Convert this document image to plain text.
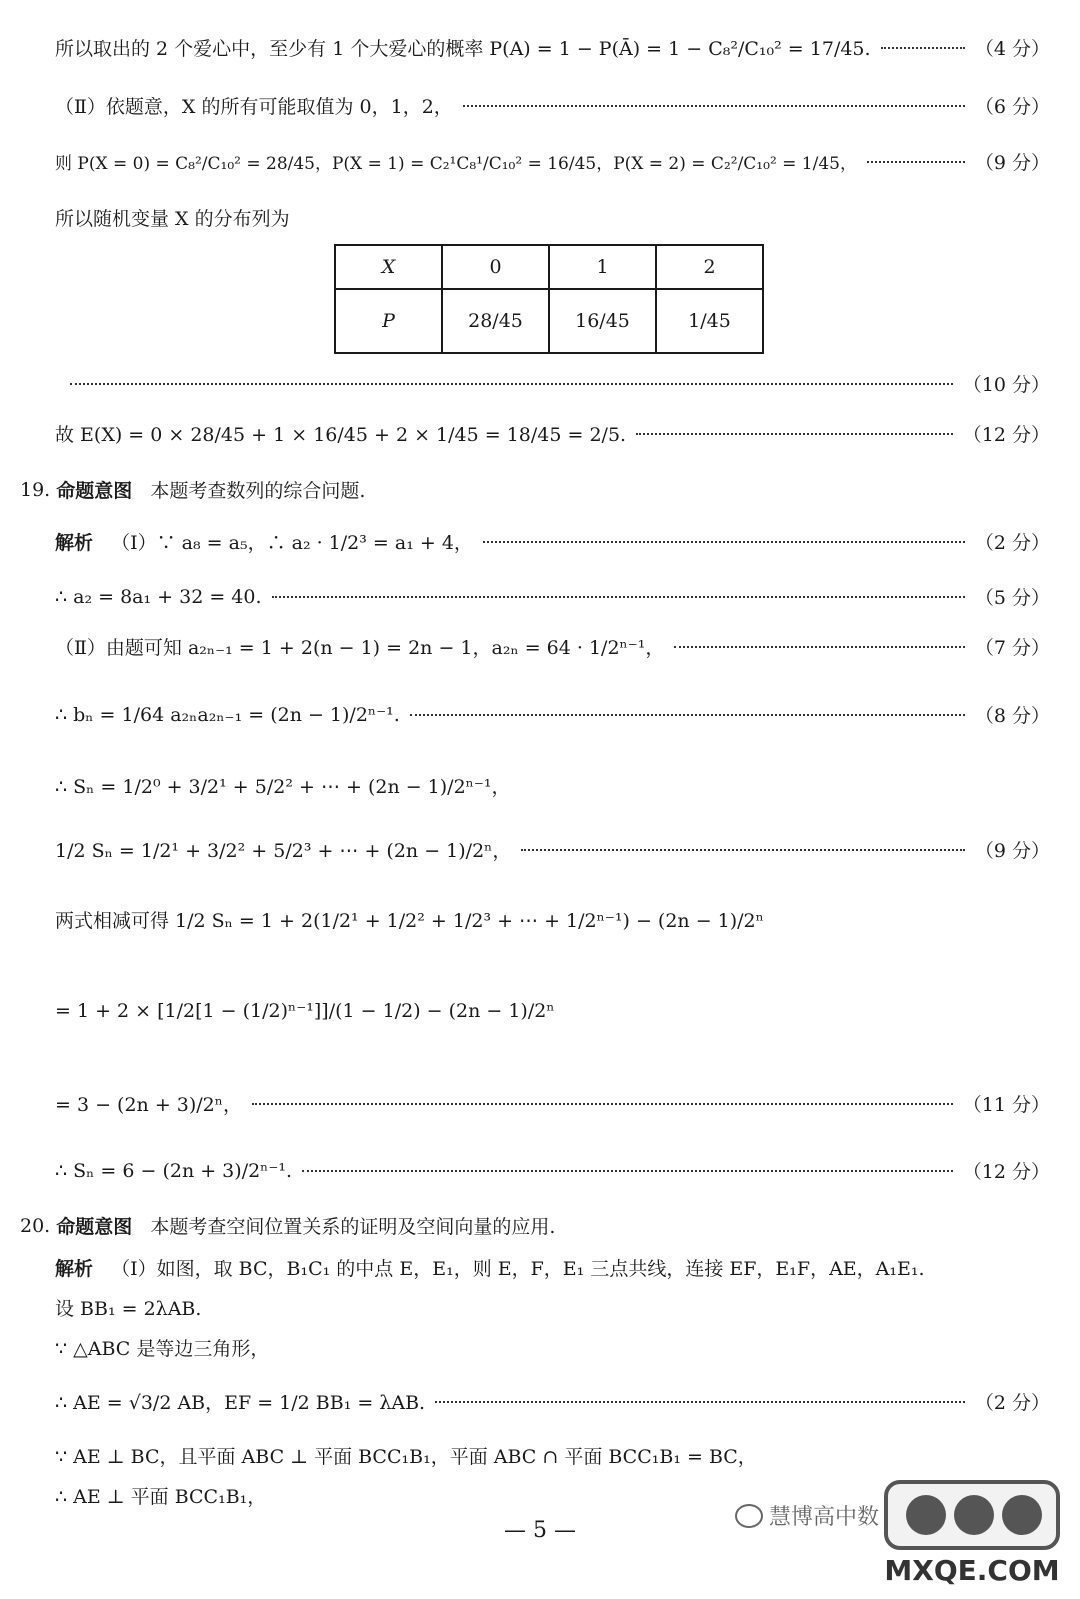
所以取出的 2 个爱心中，至少有 1 个大爱心的概率 P(A) = 1 − P(Ā) = 1 − C₈²/C₁₀² = 17/45.	（4 分）
（Ⅱ）依题意，X 的所有可能取值为 0，1，2，	（6 分）
则 P(X = 0) = C₈²/C₁₀² = 28/45，P(X = 1) = C₂¹C₈¹/C₁₀² = 16/45，P(X = 2) = C₂²/C₁₀² = 1/45，	（9 分）
所以随机变量 X 的分布列为
X	0	1	2
P	28/45	16/45	1/45
（10 分）
故 E(X) = 0 × 28/45 + 1 × 16/45 + 2 × 1/45 = 18/45 = 2/5.	（12 分）
19.
命题意图
本题考查数列的综合问题.
解析
（Ⅰ）∵ a₈ = a₅，∴ a₂ · 1/2³ = a₁ + 4，	（2 分）
∴ a₂ = 8a₁ + 32 = 40.	（5 分）
（Ⅱ）由题可知 a₂ₙ₋₁ = 1 + 2(n − 1) = 2n − 1，a₂ₙ = 64 · 1/2ⁿ⁻¹，	（7 分）
∴ bₙ = 1/64 a₂ₙa₂ₙ₋₁ = (2n − 1)/2ⁿ⁻¹.	（8 分）
∴ Sₙ = 1/2⁰ + 3/2¹ + 5/2² + ⋯ + (2n − 1)/2ⁿ⁻¹，
1/2 Sₙ = 1/2¹ + 3/2² + 5/2³ + ⋯ + (2n − 1)/2ⁿ，	（9 分）
两式相减可得 1/2 Sₙ = 1 + 2(1/2¹ + 1/2² + 1/2³ + ⋯ + 1/2ⁿ⁻¹) − (2n − 1)/2ⁿ
= 1 + 2 × [1/2[1 − (1/2)ⁿ⁻¹]]/(1 − 1/2) − (2n − 1)/2ⁿ
= 3 − (2n + 3)/2ⁿ，	（11 分）
∴ Sₙ = 6 − (2n + 3)/2ⁿ⁻¹.	（12 分）
20.
命题意图
本题考查空间位置关系的证明及空间向量的应用.
解析
（Ⅰ）如图，取 BC，B₁C₁ 的中点 E，E₁，则 E，F，E₁ 三点共线，连接 EF，E₁F，AE，A₁E₁.
设 BB₁ = 2λAB.
∵ △ABC 是等边三角形，
∴ AE = √3/2 AB，EF = 1/2 BB₁ = λAB.	（2 分）
∵ AE ⊥ BC，且平面 ABC ⊥ 平面 BCC₁B₁，平面 ABC ∩ 平面 BCC₁B₁ = BC，
∴ AE ⊥ 平面 BCC₁B₁，
— 5 —
慧博高中数
MXQE.COM
